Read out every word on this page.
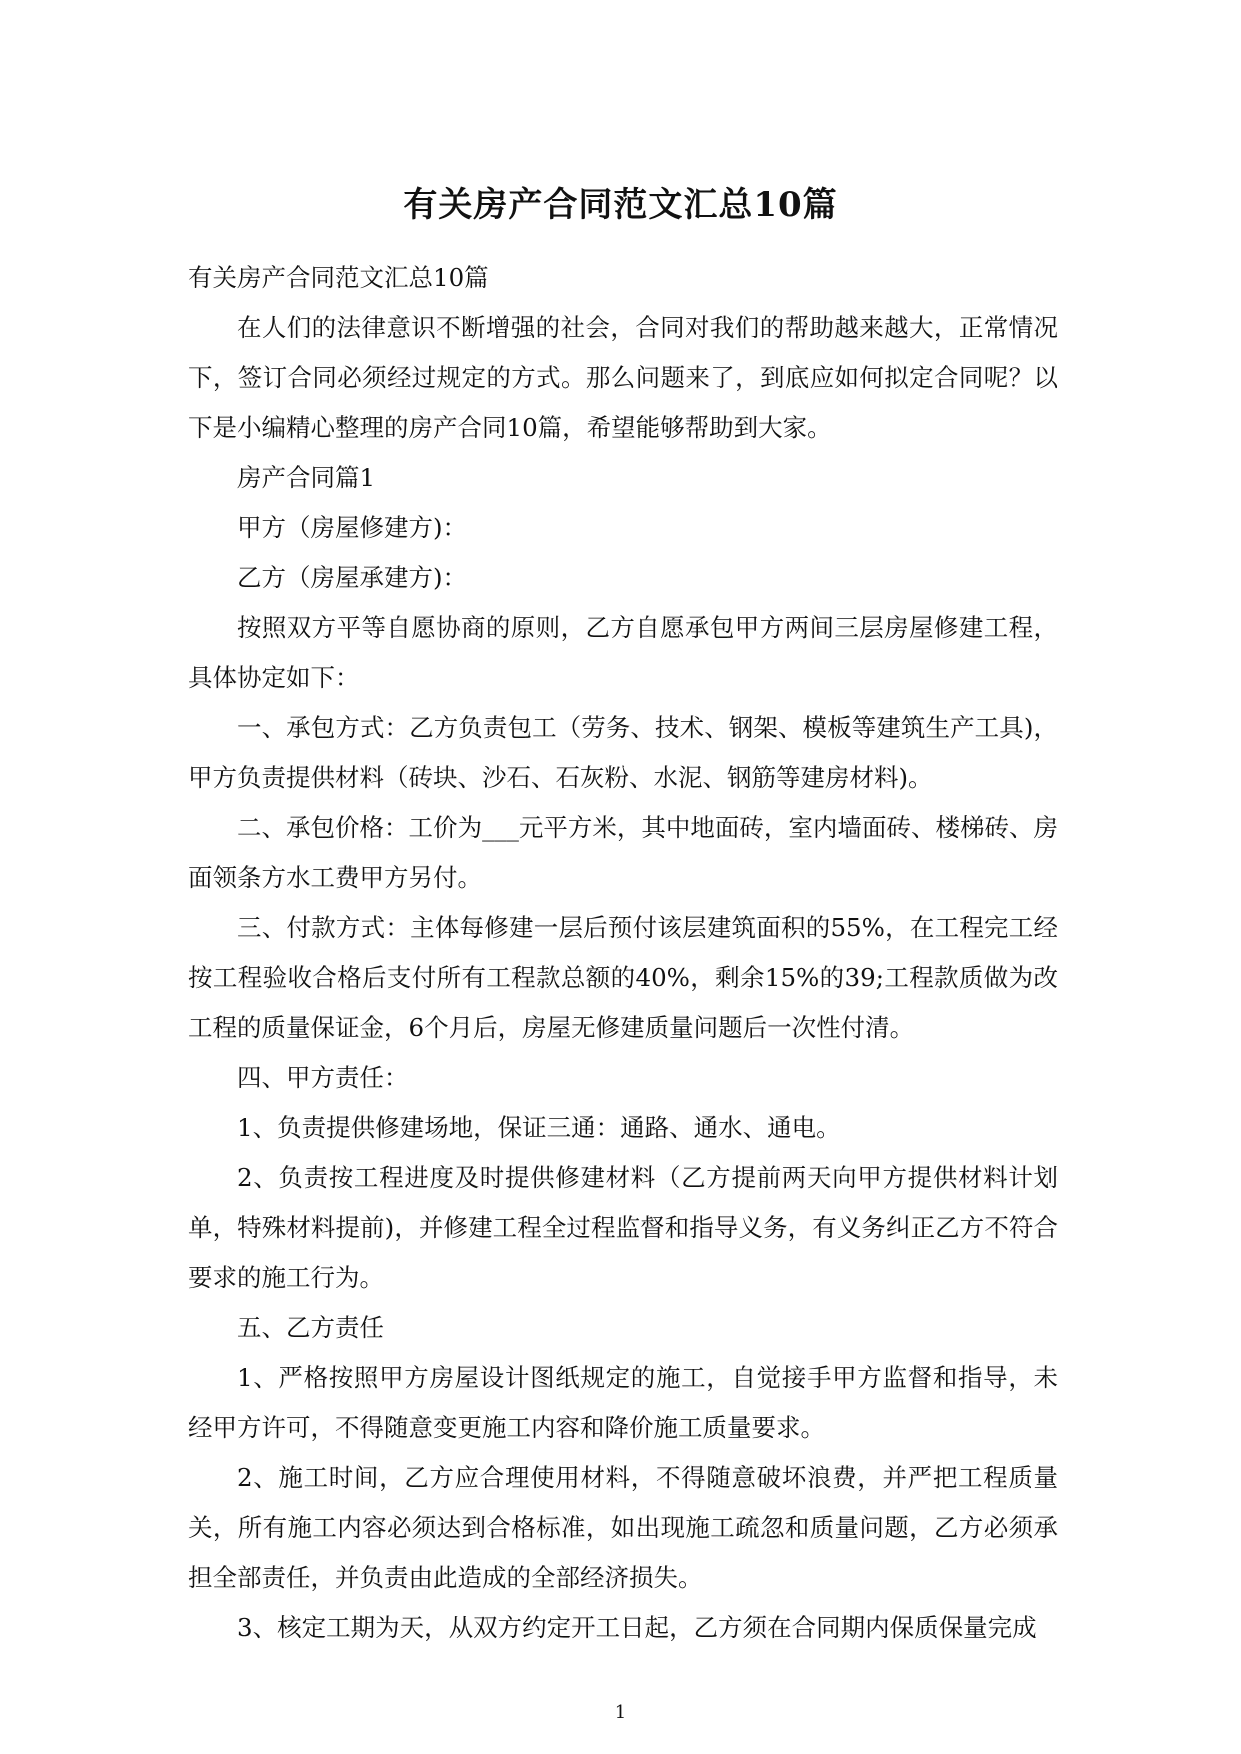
有关房产合同范文汇总10篇

有关房产合同范文汇总10篇

在人们的法律意识不断增强的社会，合同对我们的帮助越来越大，正常情况下，签订合同必须经过规定的方式。那么问题来了，到底应如何拟定合同呢？以下是小编精心整理的房产合同10篇，希望能够帮助到大家。

房产合同篇1

甲方（房屋修建方)：

乙方（房屋承建方)：

按照双方平等自愿协商的原则，乙方自愿承包甲方两间三层房屋修建工程，具体协定如下：

一、承包方式：乙方负责包工（劳务、技术、钢架、模板等建筑生产工具)，甲方负责提供材料（砖块、沙石、石灰粉、水泥、钢筋等建房材料)。

二、承包价格：工价为___元平方米，其中地面砖，室内墙面砖、楼梯砖、房面领条方水工费甲方另付。

三、付款方式：主体每修建一层后预付该层建筑面积的55%，在工程完工经按工程验收合格后支付所有工程款总额的40%，剩余15%的39;工程款质做为改工程的质量保证金，6个月后，房屋无修建质量问题后一次性付清。

四、甲方责任：

1、负责提供修建场地，保证三通：通路、通水、通电。

2、负责按工程进度及时提供修建材料（乙方提前两天向甲方提供材料计划单，特殊材料提前)，并修建工程全过程监督和指导义务，有义务纠正乙方不符合要求的施工行为。

五、乙方责任

1、严格按照甲方房屋设计图纸规定的施工，自觉接手甲方监督和指导，未经甲方许可，不得随意变更施工内容和降价施工质量要求。

2、施工时间，乙方应合理使用材料，不得随意破坏浪费，并严把工程质量关，所有施工内容必须达到合格标准，如出现施工疏忽和质量问题，乙方必须承担全部责任，并负责由此造成的全部经济损失。

3、核定工期为天，从双方约定开工日起，乙方须在合同期内保质保量完成

1
